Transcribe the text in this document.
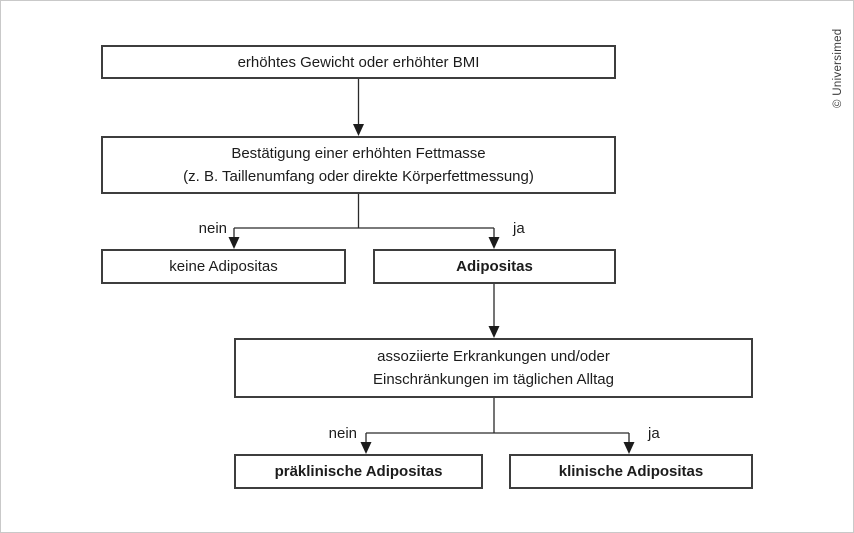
erhöhtes Gewicht oder erhöhter BMI
Bestätigung einer erhöhten Fettmasse
(z. B. Taillenumfang oder direkte Körperfettmessung)
nein	ja
keine Adipositas	Adipositas
assoziierte Erkrankungen und/oder
Einschränkungen im täglichen Alltag
nein	ja
präklinische Adipositas	klinische Adipositas
© Universimed
